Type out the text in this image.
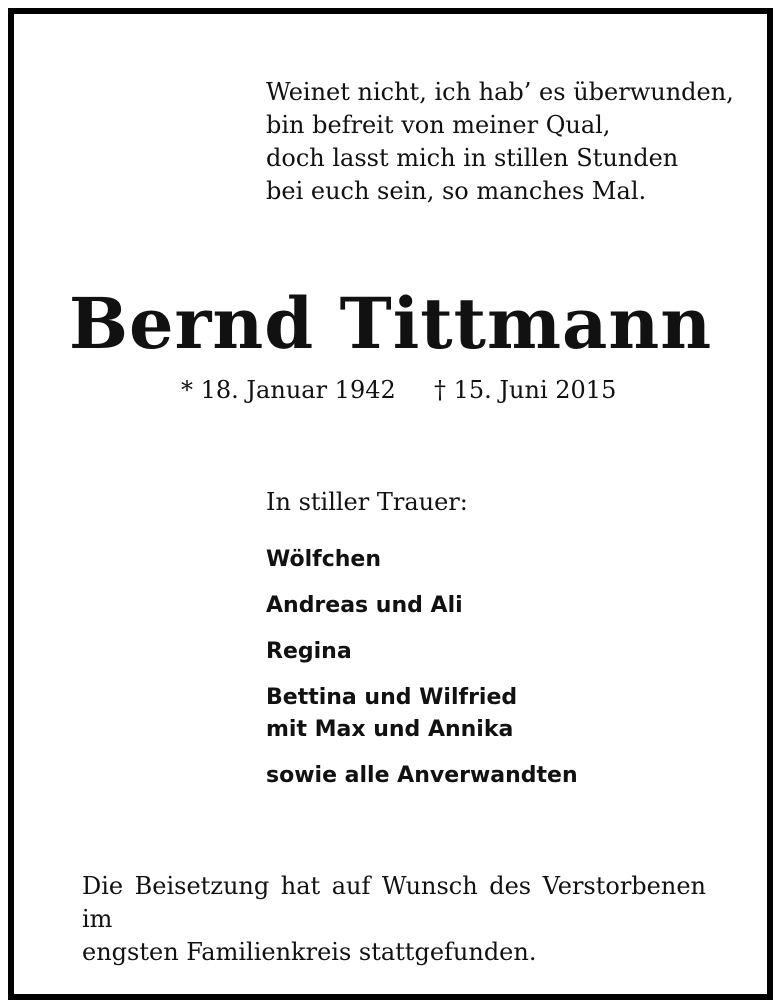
Weinet nicht, ich hab’ es überwunden,
bin befreit von meiner Qual,
doch lasst mich in stillen Stunden
bei euch sein, so manches Mal.
Bernd Tittmann
* 18. Januar 1942 † 15. Juni 2015
In stiller Trauer:
Wölfchen
Andreas und Ali
Regina
Bettina und Wilfried
mit Max und Annika
sowie alle Anverwandten
Die Beisetzung hat auf Wunsch des Verstorbenen im
engsten Familienkreis stattgefunden.
